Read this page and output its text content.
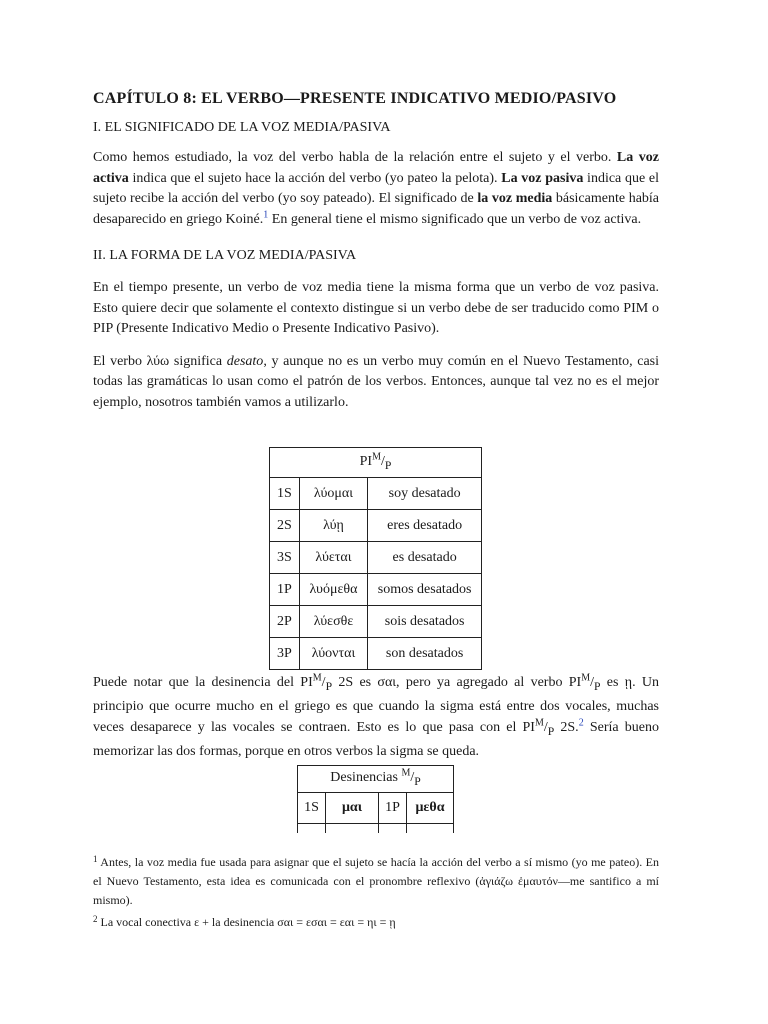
CAPÍTULO 8: EL VERBO—PRESENTE INDICATIVO MEDIO/PASIVO
I. EL SIGNIFICADO DE LA VOZ MEDIA/PASIVA

Como hemos estudiado, la voz del verbo habla de la relación entre el sujeto y el verbo. La voz activa indica que el sujeto hace la acción del verbo (yo pateo la pelota). La voz pasiva indica que el sujeto recibe la acción del verbo (yo soy pateado). El significado de la voz media básicamente había desaparecido en griego Koiné.$^1$ En general tiene el mismo significado que un verbo de voz activa.

II. LA FORMA DE LA VOZ MEDIA/PASIVA

En el tiempo presente, un verbo de voz media tiene la misma forma que un verbo de voz pasiva. Esto quiere decir que solamente el contexto distingue si un verbo debe de ser traducido como PIM o PIP (Presente Indicativo Medio o Presente Indicativo Pasivo).

El verbo λύω significa desato, y aunque no es un verbo muy común en el Nuevo Testamento, casi todas las gramáticas lo usan como el patrón de los verbos. Entonces, aunque tal vez no es el mejor ejemplo, nosotros también vamos a utilizarlo.

$PI^M/_P$
1S	λύομαι	soy desatado
2S	λύῃ	eres desatado
3S	λύεται	es desatado
1P	λυόμεθα	somos desatados
2P	λύεσθε	sois desatados
3P	λύονται	son desatados

Puede notar que la desinencia del $PI^M/_P$ 2S es σαι, pero ya agregado al verbo $PI^M/_P$ es ῃ. Un principio que ocurre mucho en el griego es que cuando la sigma está entre dos vocales, muchas veces desaparece y las vocales se contraen. Esto es lo que pasa con el $PI^M/_P$ 2S.$^2$ Sería bueno memorizar las dos formas, porque en otros verbos la sigma se queda.

Desinencias $^M/_P$
1S	μαι	1P	μεθα

$^1$ Antes, la voz media fue usada para asignar que el sujeto se hacía la acción del verbo a sí mismo (yo me pateo). En el Nuevo Testamento, esta idea es comunicada con el pronombre reflexivo (ἁγιάζω ἐμαυτόν—me santifico a mí mismo).
$^2$ La vocal conectiva ε + la desinencia σαι = εσαι = εαι = ηι = ῃ
